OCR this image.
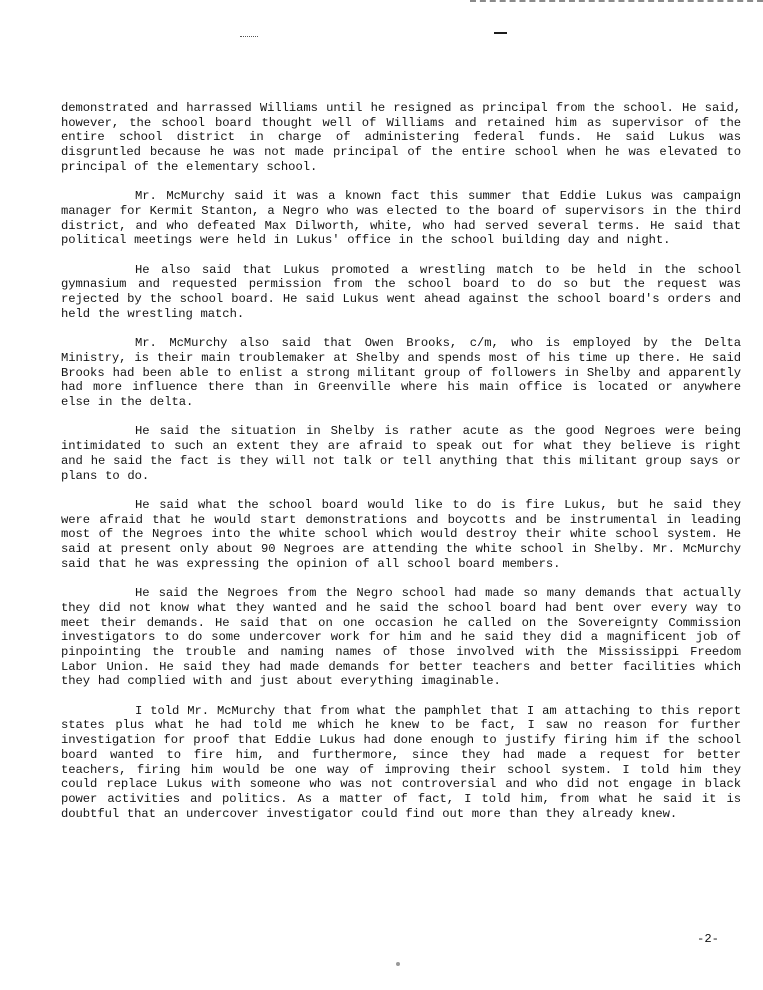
demonstrated and harrassed Williams until he resigned as principal from the school. He said, however, the school board thought well of Williams and retained him as supervisor of the entire school district in charge of administering federal funds. He said Lukus was disgruntled because he was not made principal of the entire school when he was elevated to principal of the elementary school.

Mr. McMurchy said it was a known fact this summer that Eddie Lukus was campaign manager for Kermit Stanton, a Negro who was elected to the board of supervisors in the third district, and who defeated Max Dilworth, white, who had served several terms. He said that political meetings were held in Lukus' office in the school building day and night.

He also said that Lukus promoted a wrestling match to be held in the school gymnasium and requested permission from the school board to do so but the request was rejected by the school board. He said Lukus went ahead against the school board's orders and held the wrestling match.

Mr. McMurchy also said that Owen Brooks, c/m, who is employed by the Delta Ministry, is their main troublemaker at Shelby and spends most of his time up there. He said Brooks had been able to enlist a strong militant group of followers in Shelby and apparently had more influence there than in Greenville where his main office is located or anywhere else in the delta.

He said the situation in Shelby is rather acute as the good Negroes were being intimidated to such an extent they are afraid to speak out for what they believe is right and he said the fact is they will not talk or tell anything that this militant group says or plans to do.

He said what the school board would like to do is fire Lukus, but he said they were afraid that he would start demonstrations and boycotts and be instrumental in leading most of the Negroes into the white school which would destroy their white school system. He said at present only about 90 Negroes are attending the white school in Shelby. Mr. McMurchy said that he was expressing the opinion of all school board members.

He said the Negroes from the Negro school had made so many demands that actually they did not know what they wanted and he said the school board had bent over every way to meet their demands. He said that on one occasion he called on the Sovereignty Commission investigators to do some undercover work for him and he said they did a magnificent job of pinpointing the trouble and naming names of those involved with the Mississippi Freedom Labor Union. He said they had made demands for better teachers and better facilities which they had complied with and just about everything imaginable.

I told Mr. McMurchy that from what the pamphlet that I am attaching to this report states plus what he had told me which he knew to be fact, I saw no reason for further investigation for proof that Eddie Lukus had done enough to justify firing him if the school board wanted to fire him, and furthermore, since they had made a request for better teachers, firing him would be one way of improving their school system. I told him they could replace Lukus with someone who was not controversial and who did not engage in black power activities and politics. As a matter of fact, I told him, from what he said it is doubtful that an undercover investigator could find out more than they already knew.

-2-
